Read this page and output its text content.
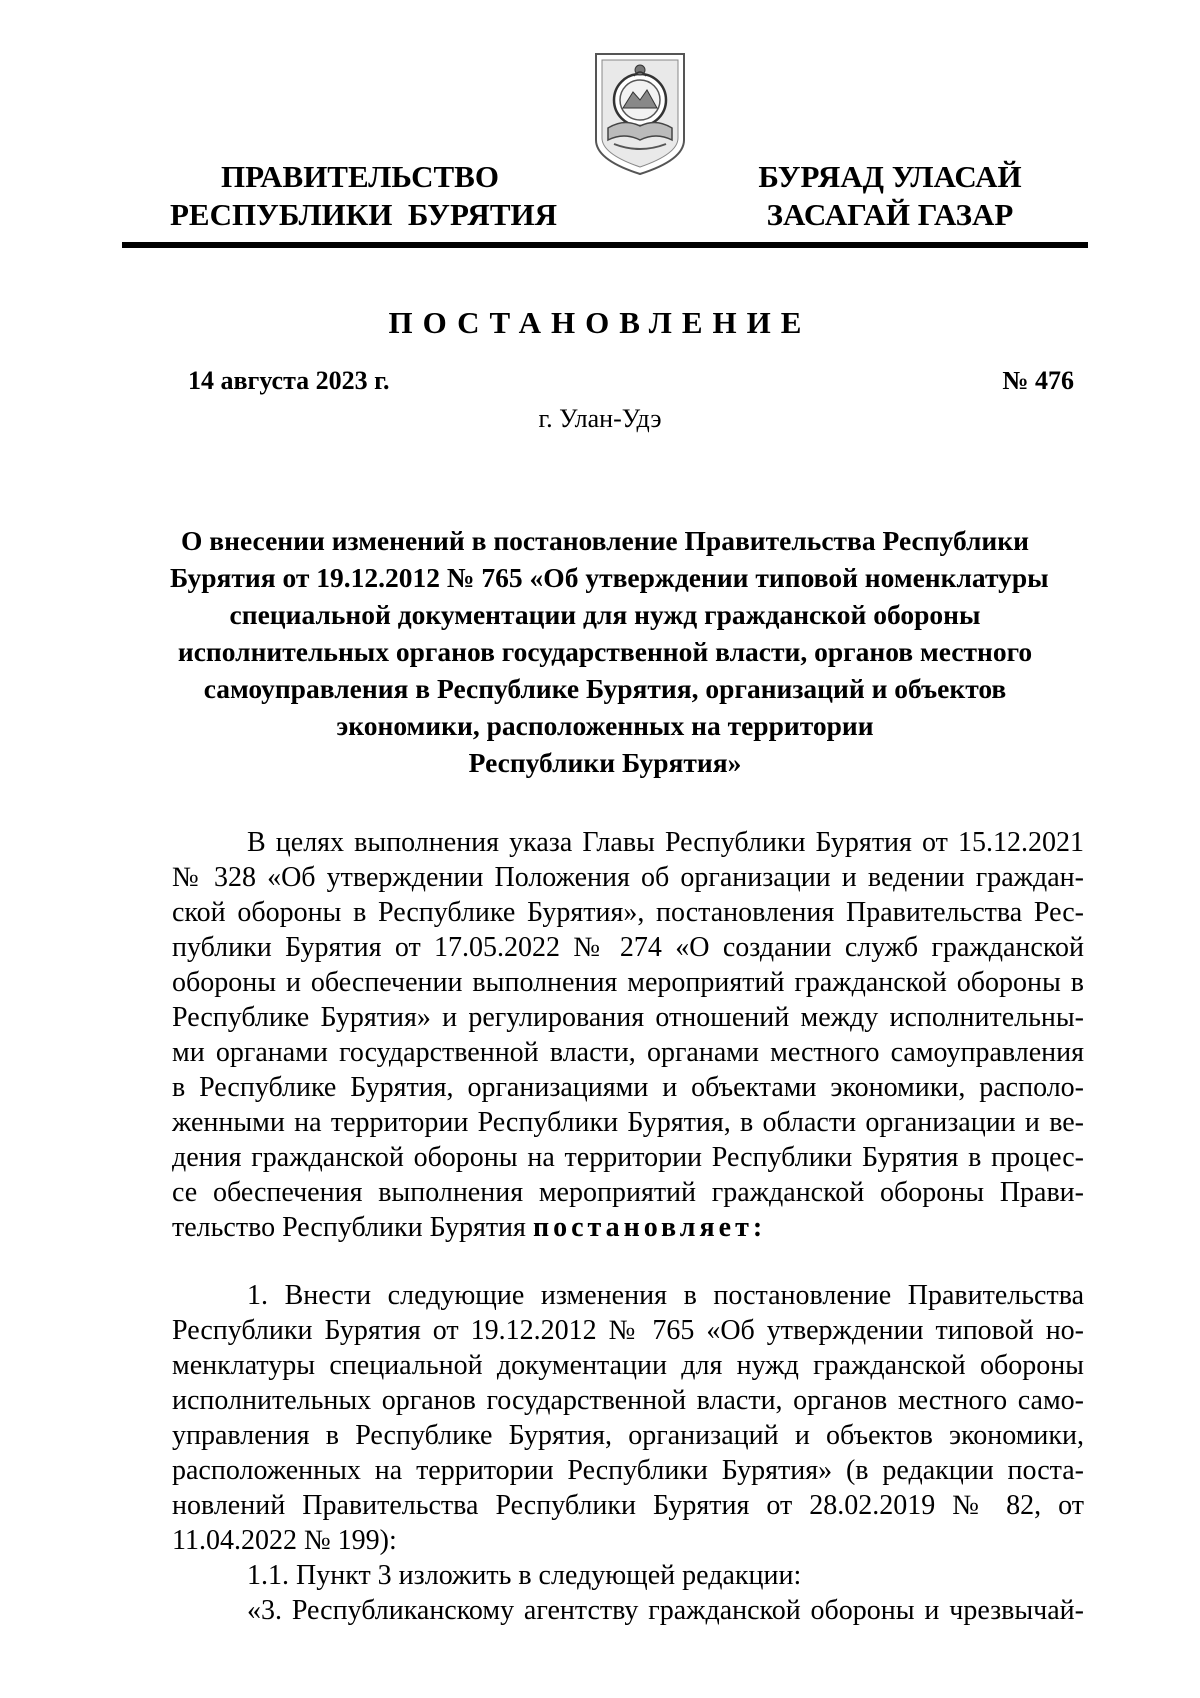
ПРАВИТЕЛЬСТВО
РЕСПУБЛИКИ  БУРЯТИЯ
БУРЯАД УЛАСАЙ
ЗАСАГАЙ ГАЗАР
ПОСТАНОВЛЕНИЕ
14 августа 2023 г.	№ 476
г. Улан-Удэ
О внесении изменений в постановление Правительства Республики
Бурятия от 19.12.2012 № 765 «Об утверждении типовой номенклатуры
специальной документации для нужд гражданской обороны
исполнительных органов государственной власти, органов местного
самоуправления в Республике Бурятия, организаций и объектов
экономики, расположенных на территории
Республики Бурятия»
В целях выполнения указа Главы Республики Бурятия от 15.12.2021
№ 328 «Об утверждении Положения об организации и ведении граждан-
ской обороны в Республике Бурятия», постановления Правительства Рес-
публики Бурятия от 17.05.2022 № 274 «О создании служб гражданской
обороны и обеспечении выполнения мероприятий гражданской обороны в
Республике Бурятия» и регулирования отношений между исполнительны-
ми органами государственной власти, органами местного самоуправления
в Республике Бурятия, организациями и объектами экономики, располо-
женными на территории Республики Бурятия, в области организации и ве-
дения гражданской обороны на территории Республики Бурятия в процес-
се обеспечения выполнения мероприятий гражданской обороны Прави-
тельство Республики Бурятия постановляет:
1. Внести следующие изменения в постановление Правительства
Республики Бурятия от 19.12.2012 № 765 «Об утверждении типовой но-
менклатуры специальной документации для нужд гражданской обороны
исполнительных органов государственной власти, органов местного само-
управления в Республике Бурятия, организаций и объектов экономики,
расположенных на территории Республики Бурятия» (в редакции поста-
новлений Правительства Республики Бурятия от 28.02.2019 № 82, от
11.04.2022 № 199):
1.1. Пункт 3 изложить в следующей редакции:
«3. Республиканскому агентству гражданской обороны и чрезвычай-
